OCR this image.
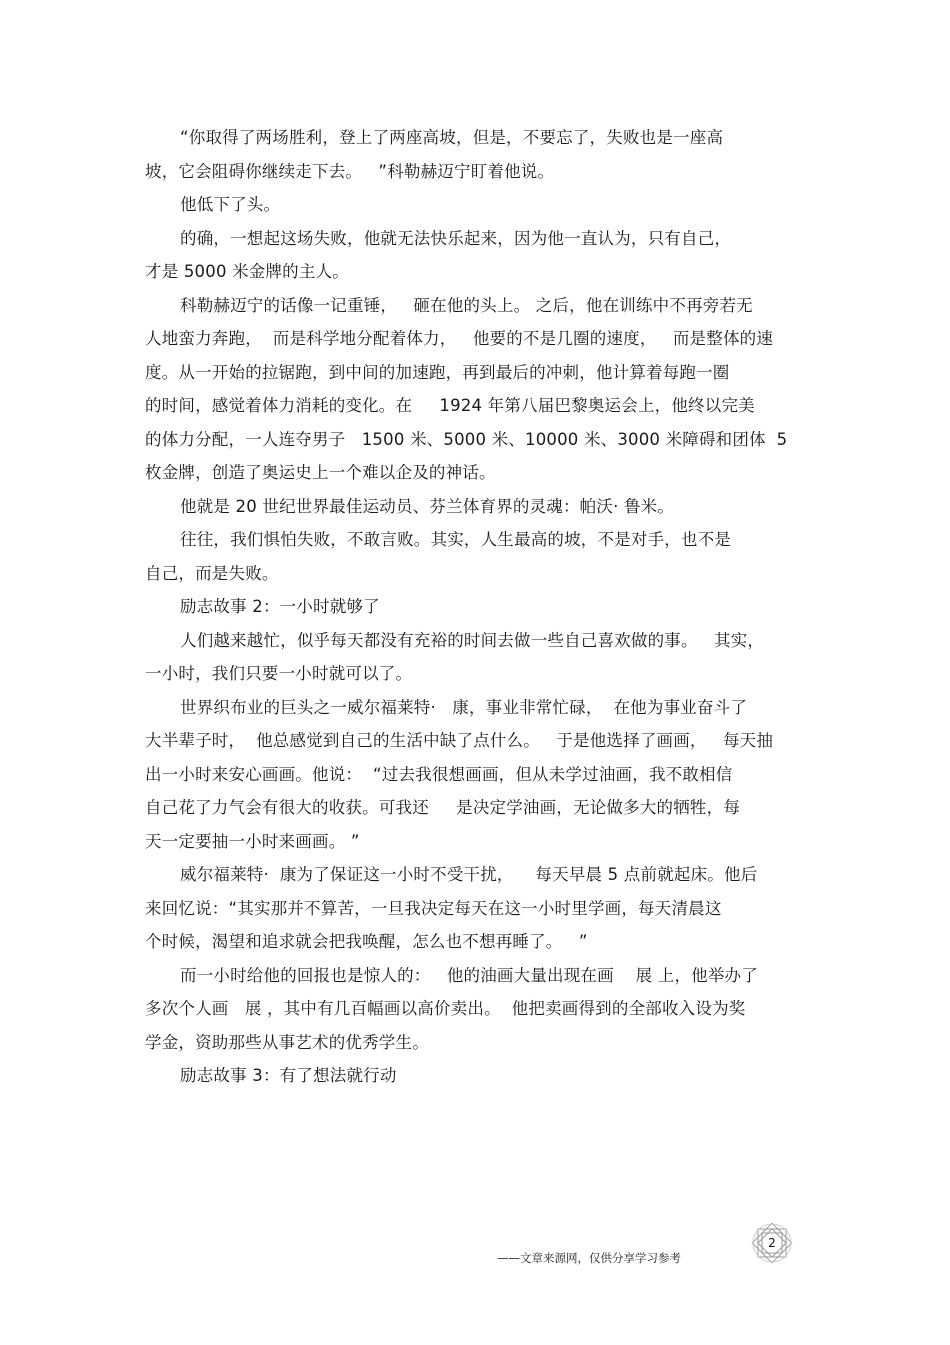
“你取得了两场胜利，登上了两座高坡，但是，不要忘了，失败也是一座高
坡，它会阻碍你继续走下去。   ”科勒赫迈宁盯着他说。
他低下了头。
的确，一想起这场失败，他就无法快乐起来，因为他一直认为，只有自己，
才是 5000 米金牌的主人。
科勒赫迈宁的话像一记重锤，   砸在他的头上。 之后，他在训练中不再旁若无
人地蛮力奔跑，  而是科学地分配着体力，   他要的不是几圈的速度，   而是整体的速
度。从一开始的拉锯跑，到中间的加速跑，再到最后的冲刺，他计算着每跑一圈
的时间，感觉着体力消耗的变化。在     1924 年第八届巴黎奥运会上，他终以完美
的体力分配，一人连夺男子   1500 米、5000 米、10000 米、3000 米障碍和团体  5
枚金牌，创造了奥运史上一个难以企及的神话。
他就是 20 世纪世界最佳运动员、芬兰体育界的灵魂：帕沃· 鲁米。
往往，我们惧怕失败，不敢言败。其实，人生最高的坡，不是对手，也不是
自己，而是失败。
励志故事 2：一小时就够了
人们越来越忙，似乎每天都没有充裕的时间去做一些自己喜欢做的事。   其实，
一小时，我们只要一小时就可以了。
世界织布业的巨头之一威尔福莱特·   康，事业非常忙碌，  在他为事业奋斗了
大半辈子时，  他总感觉到自己的生活中缺了点什么。   于是他选择了画画，   每天抽
出一小时来安心画画。他说：  “过去我很想画画，但从未学过油画，我不敢相信
自己花了力气会有很大的收获。可我还     是决定学油画，无论做多大的牺牲，每
天一定要抽一小时来画画。 ”
威尔福莱特·  康为了保证这一小时不受干扰，    每天早晨 5 点前就起床。他后
来回忆说：“其实那并不算苦，一旦我决定每天在这一小时里学画，每天清晨这
个时候，渴望和追求就会把我唤醒，怎么也不想再睡了。   ”
而一小时给他的回报也是惊人的：   他的油画大量出现在画    展 上，他举办了
多次个人画   展 ，其中有几百幅画以高价卖出。  他把卖画得到的全部收入设为奖
学金，资助那些从事艺术的优秀学生。
励志故事 3：有了想法就行动
——文章来源网，仅供分享学习参考
2
